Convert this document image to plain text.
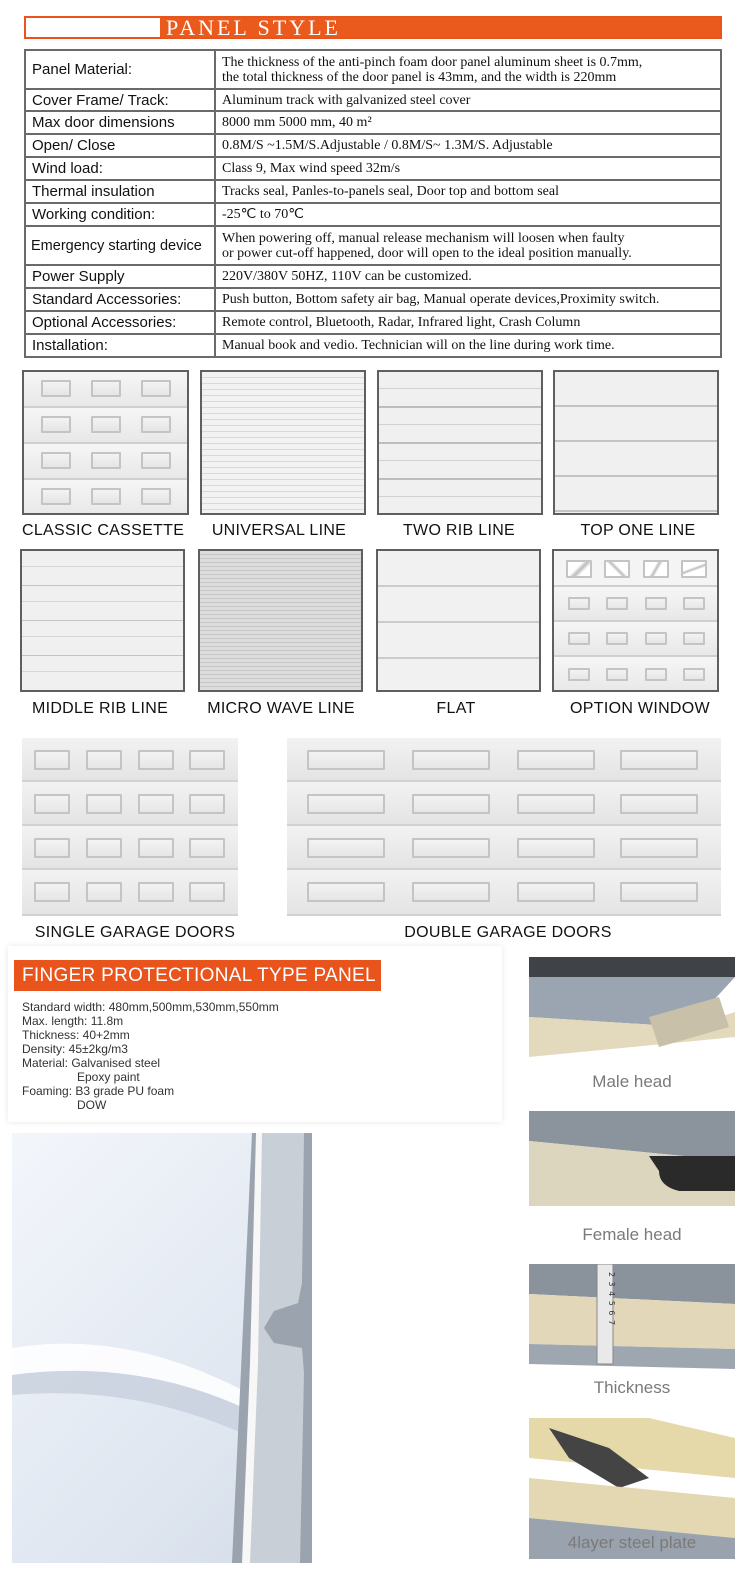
PANEL STYLE
Panel Material:	The thickness of the anti-pinch foam door panel aluminum sheet is 0.7mm,
the total thickness of the door panel is 43mm, and the width is 220mm

Cover Frame/ Track:	Aluminum track with galvanized steel cover
Max door dimensions	8000 mm 5000 mm, 40 m²
Open/ Close	0.8M/S ~1.5M/S.Adjustable / 0.8M/S~ 1.3M/S. Adjustable
Wind load:	Class 9, Max wind speed 32m/s
Thermal insulation	Tracks seal, Panles-to-panels seal, Door top and bottom seal
Working condition:	-25℃ to 70℃
Emergency starting device	When powering off, manual release mechanism will loosen when faulty
or power cut-off happened, door will open to the ideal position manually.

Power Supply	220V/380V 50HZ, 110V can be customized.
Standard Accessories:	Push button, Bottom safety air bag, Manual operate devices,Proximity switch.
Optional Accessories:	Remote control, Bluetooth, Radar, Infrared light, Crash Column
Installation:	Manual book and vedio. Technician will on the line during work time.
CLASSIC CASSETTE	UNIVERSAL LINE	TWO RIB LINE	TOP ONE LINE
MIDDLE RIB LINE	MICRO WAVE LINE	FLAT	OPTION WINDOW
SINGLE GARAGE DOORS	DOUBLE GARAGE DOORS
FINGER PROTECTIONAL TYPE PANEL
Standard width: 480mm,500mm,530mm,550mm
Max. length: 11.8m
Thickness: 40+2mm
Density: 45±2kg/m3
Material: Galvanised steel
Epoxy paint
Foaming: B3 grade PU foam
DOW
Male head
Female head
2 3 4 5 6 7
Thickness
4layer steel plate
